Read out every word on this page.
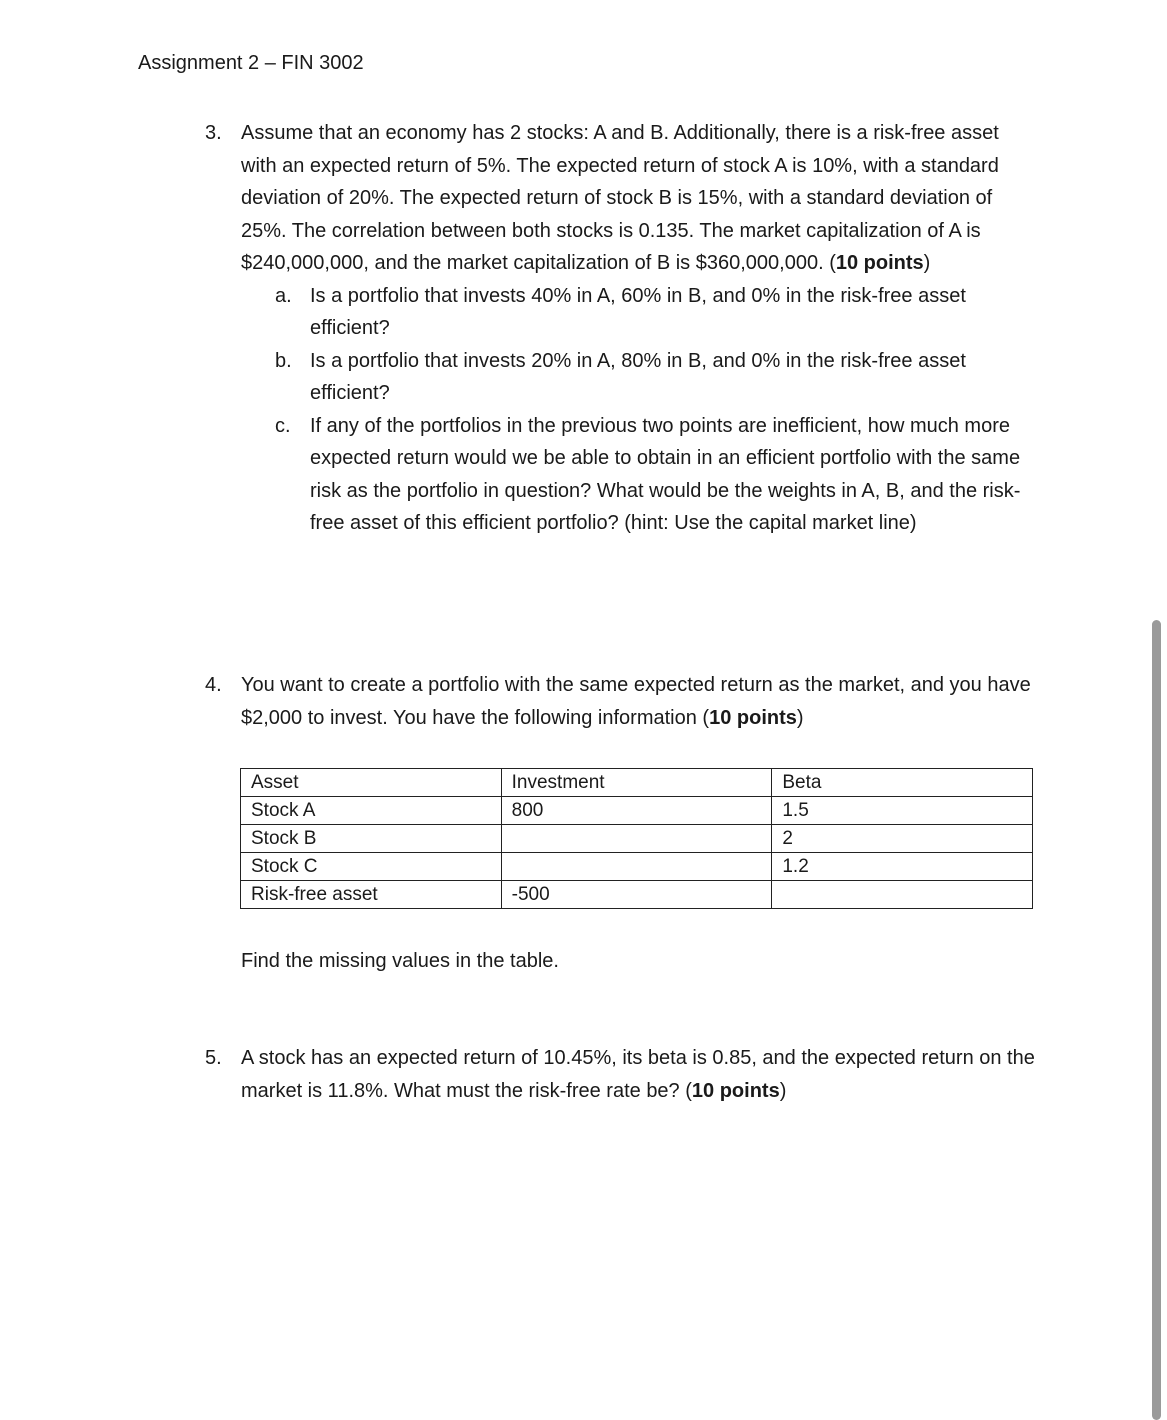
Assignment 2 – FIN 3002
3. Assume that an economy has 2 stocks: A and B. Additionally, there is a risk-free asset with an expected return of 5%. The expected return of stock A is 10%, with a standard deviation of 20%. The expected return of stock B is 15%, with a standard deviation of 25%. The correlation between both stocks is 0.135. The market capitalization of A is $240,000,000, and the market capitalization of B is $360,000,000. (10 points)
a. Is a portfolio that invests 40% in A, 60% in B, and 0% in the risk-free asset efficient?
b. Is a portfolio that invests 20% in A, 80% in B, and 0% in the risk-free asset efficient?
c. If any of the portfolios in the previous two points are inefficient, how much more expected return would we be able to obtain in an efficient portfolio with the same risk as the portfolio in question? What would be the weights in A, B, and the risk-free asset of this efficient portfolio? (hint: Use the capital market line)
4. You want to create a portfolio with the same expected return as the market, and you have $2,000 to invest. You have the following information (10 points)
Asset	Investment	Beta
Stock A	800	1.5
Stock B		2
Stock C		1.2
Risk-free asset	-500	
Find the missing values in the table.
5. A stock has an expected return of 10.45%, its beta is 0.85, and the expected return on the market is 11.8%. What must the risk-free rate be? (10 points)
